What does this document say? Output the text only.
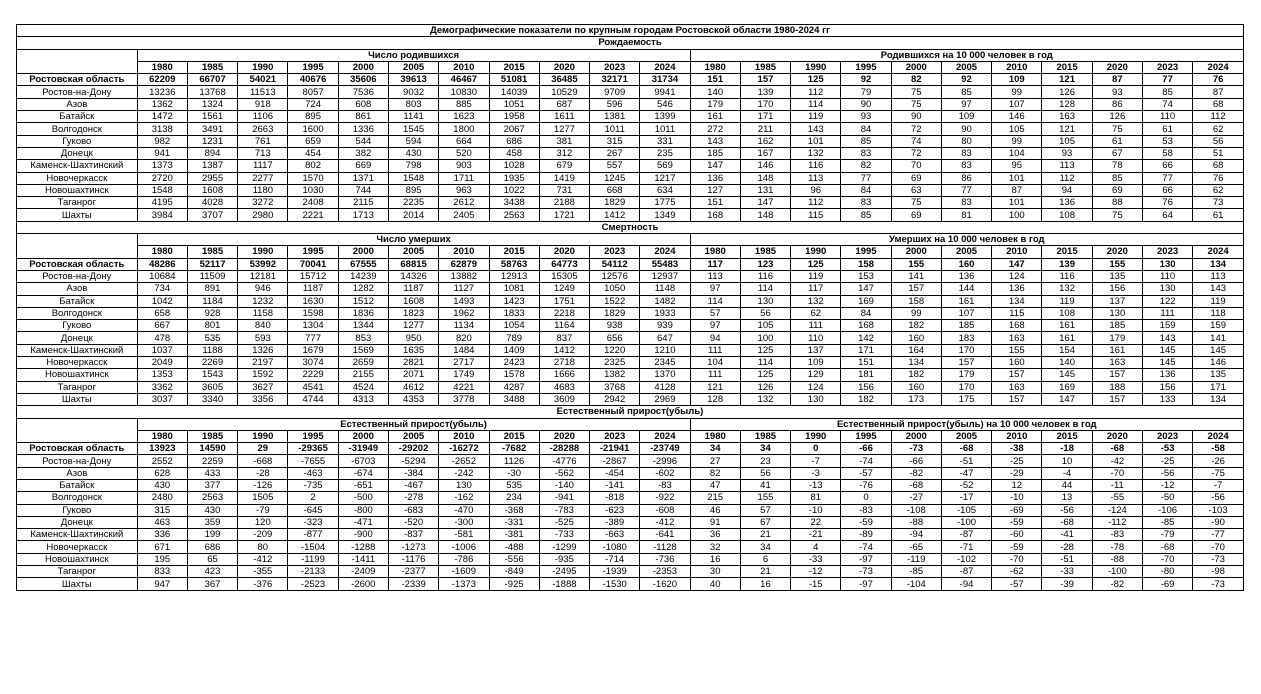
Демографические показатели по крупным городам Ростовской области 1980-2024 гг																						
Рождаемость																						
	Число родившихся											Родившихся на 10 000 человек в год										
	1980	1985	1990	1995	2000	2005	2010	2015	2020	2023	2024	1980	1985	1990	1995	2000	2005	2010	2015	2020	2023	2024
Ростовская область	62209	66707	54021	40676	35606	39613	46467	51081	36485	32171	31734	151	157	125	92	82	92	109	121	87	77	76
Ростов-на-Дону	13236	13768	11513	8057	7536	9032	10830	14039	10529	9709	9941	140	139	112	79	75	85	99	126	93	85	87
Азов	1362	1324	918	724	608	803	885	1051	687	596	546	179	170	114	90	75	97	107	128	86	74	68
Батайск	1472	1561	1106	895	861	1141	1623	1958	1611	1381	1399	161	171	119	93	90	109	146	163	126	110	112
Волгодонск	3138	3491	2663	1600	1336	1545	1800	2067	1277	1011	1011	272	211	143	84	72	90	105	121	75	61	62
Гуково	982	1231	761	659	544	594	664	686	381	315	331	143	162	101	85	74	80	99	105	61	53	56
Донецк	941	894	713	454	382	430	520	458	312	267	235	185	167	132	83	72	83	104	93	67	58	51
Каменск-Шахтинский	1373	1387	1117	802	669	798	903	1028	679	557	569	147	146	116	82	70	83	95	113	78	66	68
Новочеркасск	2720	2955	2277	1570	1371	1548	1711	1935	1419	1245	1217	136	148	113	77	69	86	101	112	85	77	76
Новошахтинск	1548	1608	1180	1030	744	895	963	1022	731	668	634	127	131	96	84	63	77	87	94	69	66	62
Таганрог	4195	4028	3272	2408	2115	2235	2612	3438	2188	1829	1775	151	147	112	83	75	83	101	136	88	76	73
Шахты	3984	3707	2980	2221	1713	2014	2405	2563	1721	1412	1349	168	148	115	85	69	81	100	108	75	64	61
Смертность																						
	Число умерших											Умерших на 10 000 человек в год										
	1980	1985	1990	1995	2000	2005	2010	2015	2020	2023	2024	1980	1985	1990	1995	2000	2005	2010	2015	2020	2023	2024
Ростовская область	48286	52117	53992	70041	67555	68815	62879	58763	64773	54112	55483	117	123	125	158	155	160	147	139	155	130	134
Ростов-на-Дону	10684	11509	12181	15712	14239	14326	13882	12913	15305	12576	12937	113	116	119	153	141	136	124	116	135	110	113
Азов	734	891	946	1187	1282	1187	1127	1081	1249	1050	1148	97	114	117	147	157	144	136	132	156	130	143
Батайск	1042	1184	1232	1630	1512	1608	1493	1423	1751	1522	1482	114	130	132	169	158	161	134	119	137	122	119
Волгодонск	658	928	1158	1598	1836	1823	1962	1833	2218	1829	1933	57	56	62	84	99	107	115	108	130	111	118
Гуково	667	801	840	1304	1344	1277	1134	1054	1164	938	939	97	105	111	168	182	185	168	161	185	159	159
Донецк	478	535	593	777	853	950	820	789	837	656	647	94	100	110	142	160	183	163	161	179	143	141
Каменск-Шахтинский	1037	1188	1326	1679	1569	1635	1484	1409	1412	1220	1210	111	125	137	171	164	170	155	154	161	145	145
Новочеркасск	2049	2269	2197	3074	2659	2821	2717	2423	2718	2325	2345	104	114	109	151	134	157	160	140	163	145	146
Новошахтинск	1353	1543	1592	2229	2155	2071	1749	1578	1666	1382	1370	111	125	129	181	182	179	157	145	157	136	135
Таганрог	3362	3605	3627	4541	4524	4612	4221	4287	4683	3768	4128	121	126	124	156	160	170	163	169	188	156	171
Шахты	3037	3340	3356	4744	4313	4353	3778	3488	3609	2942	2969	128	132	130	182	173	175	157	147	157	133	134
Естественный прирост(убыль)																						
	Естественный прирост(убыль)											Естественный прирост(убыль) на 10 000 человек в год										
	1980	1985	1990	1995	2000	2005	2010	2015	2020	2023	2024	1980	1985	1990	1995	2000	2005	2010	2015	2020	2023	2024
Ростовская область	13923	14590	29	-29365	-31949	-29202	-16272	-7682	-28288	-21941	-23749	34	34	0	-66	-73	-68	-38	-18	-68	-53	-58
Ростов-на-Дону	2552	2259	-668	-7655	-6703	-5294	-2652	1126	-4776	-2867	-2996	27	23	-7	-74	-66	-51	-25	10	-42	-25	-26
Азов	628	433	-28	-463	-674	-384	-242	-30	-562	-454	-602	82	56	-3	-57	-82	-47	-29	-4	-70	-56	-75
Батайск	430	377	-126	-735	-651	-467	130	535	-140	-141	-83	47	41	-13	-76	-68	-52	12	44	-11	-12	-7
Волгодонск	2480	2563	1505	2	-500	-278	-162	234	-941	-818	-922	215	155	81	0	-27	-17	-10	13	-55	-50	-56
Гуково	315	430	-79	-645	-800	-683	-470	-368	-783	-623	-608	46	57	-10	-83	-108	-105	-69	-56	-124	-106	-103
Донецк	463	359	120	-323	-471	-520	-300	-331	-525	-389	-412	91	67	22	-59	-88	-100	-59	-68	-112	-85	-90
Каменск-Шахтинский	336	199	-209	-877	-900	-837	-581	-381	-733	-663	-641	36	21	-21	-89	-94	-87	-60	-41	-83	-79	-77
Новочеркасск	671	686	80	-1504	-1288	-1273	-1006	-488	-1299	-1080	-1128	32	34	4	-74	-65	-71	-59	-28	-78	-68	-70
Новошахтинск	195	65	-412	-1199	-1411	-1176	-786	-556	-935	-714	-736	16	6	-33	-97	-119	-102	-70	-51	-88	-70	-73
Таганрог	833	423	-355	-2133	-2409	-2377	-1609	-849	-2495	-1939	-2353	30	21	-12	-73	-85	-87	-62	-33	-100	-80	-98
Шахты	947	367	-376	-2523	-2600	-2339	-1373	-925	-1888	-1530	-1620	40	16	-15	-97	-104	-94	-57	-39	-82	-69	-73
